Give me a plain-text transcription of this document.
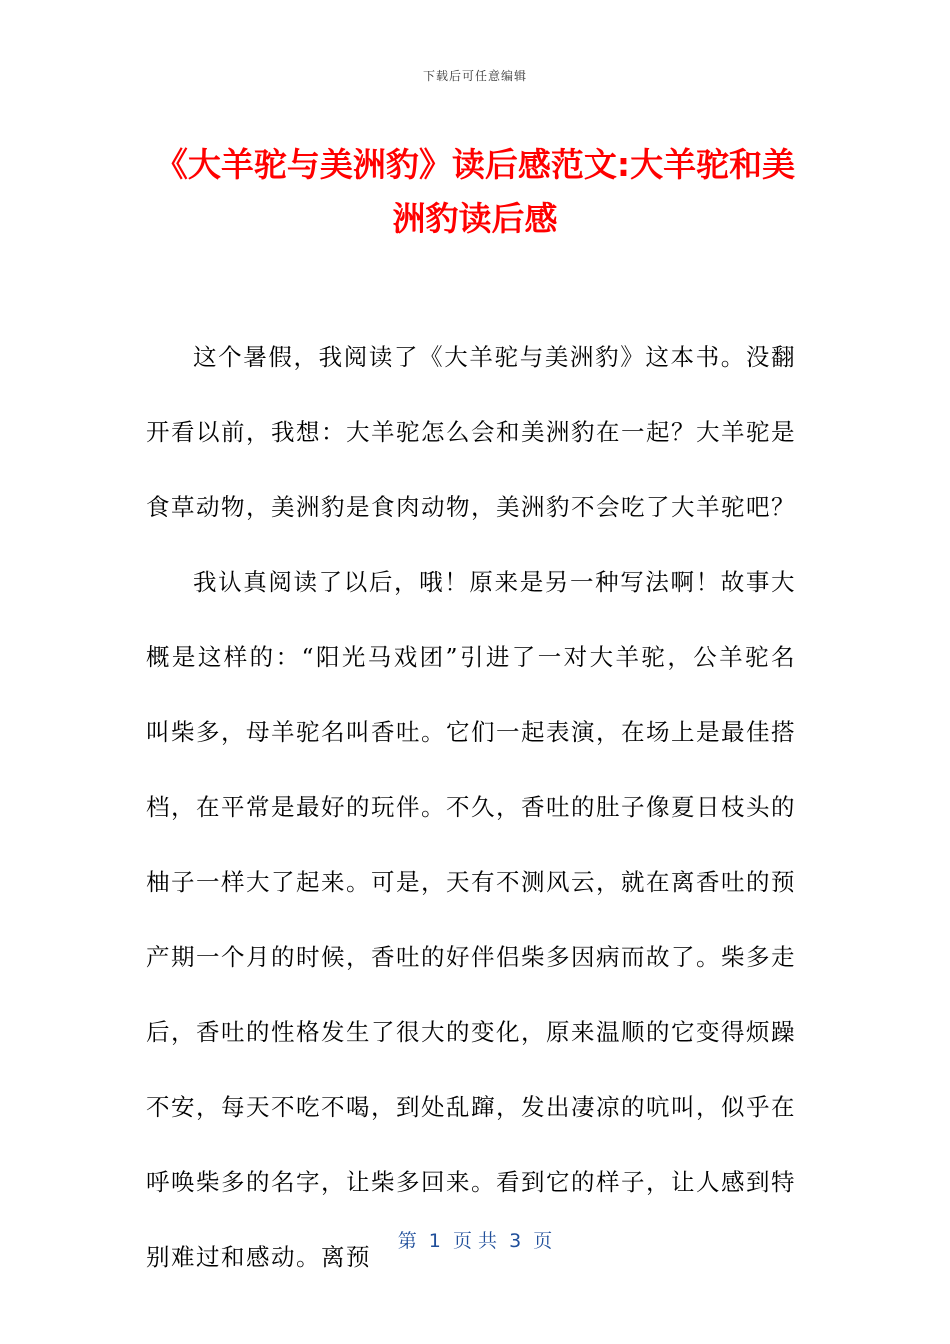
下载后可任意编辑
《大羊驼与美洲豹》读后感范文:大羊驼和美洲豹读后感

这个暑假，我阅读了《大羊驼与美洲豹》这本书。没翻开看以前，我想：大羊驼怎么会和美洲豹在一起？大羊驼是食草动物，美洲豹是食肉动物，美洲豹不会吃了大羊驼吧？

我认真阅读了以后，哦！原来是另一种写法啊！故事大概是这样的：“阳光马戏团”引进了一对大羊驼，公羊驼名叫柴多，母羊驼名叫香吐。它们一起表演，在场上是最佳搭档，在平常是最好的玩伴。不久，香吐的肚子像夏日枝头的柚子一样大了起来。可是，天有不测风云，就在离香吐的预产期一个月的时候，香吐的好伴侣柴多因病而故了。柴多走后，香吐的性格发生了很大的变化，原来温顺的它变得烦躁不安，每天不吃不喝，到处乱蹿，发出凄凉的吭叫，似乎在呼唤柴多的名字，让柴多回来。看到它的样子，让人感到特别难过和感动。离预

第  1  页 共  3  页
